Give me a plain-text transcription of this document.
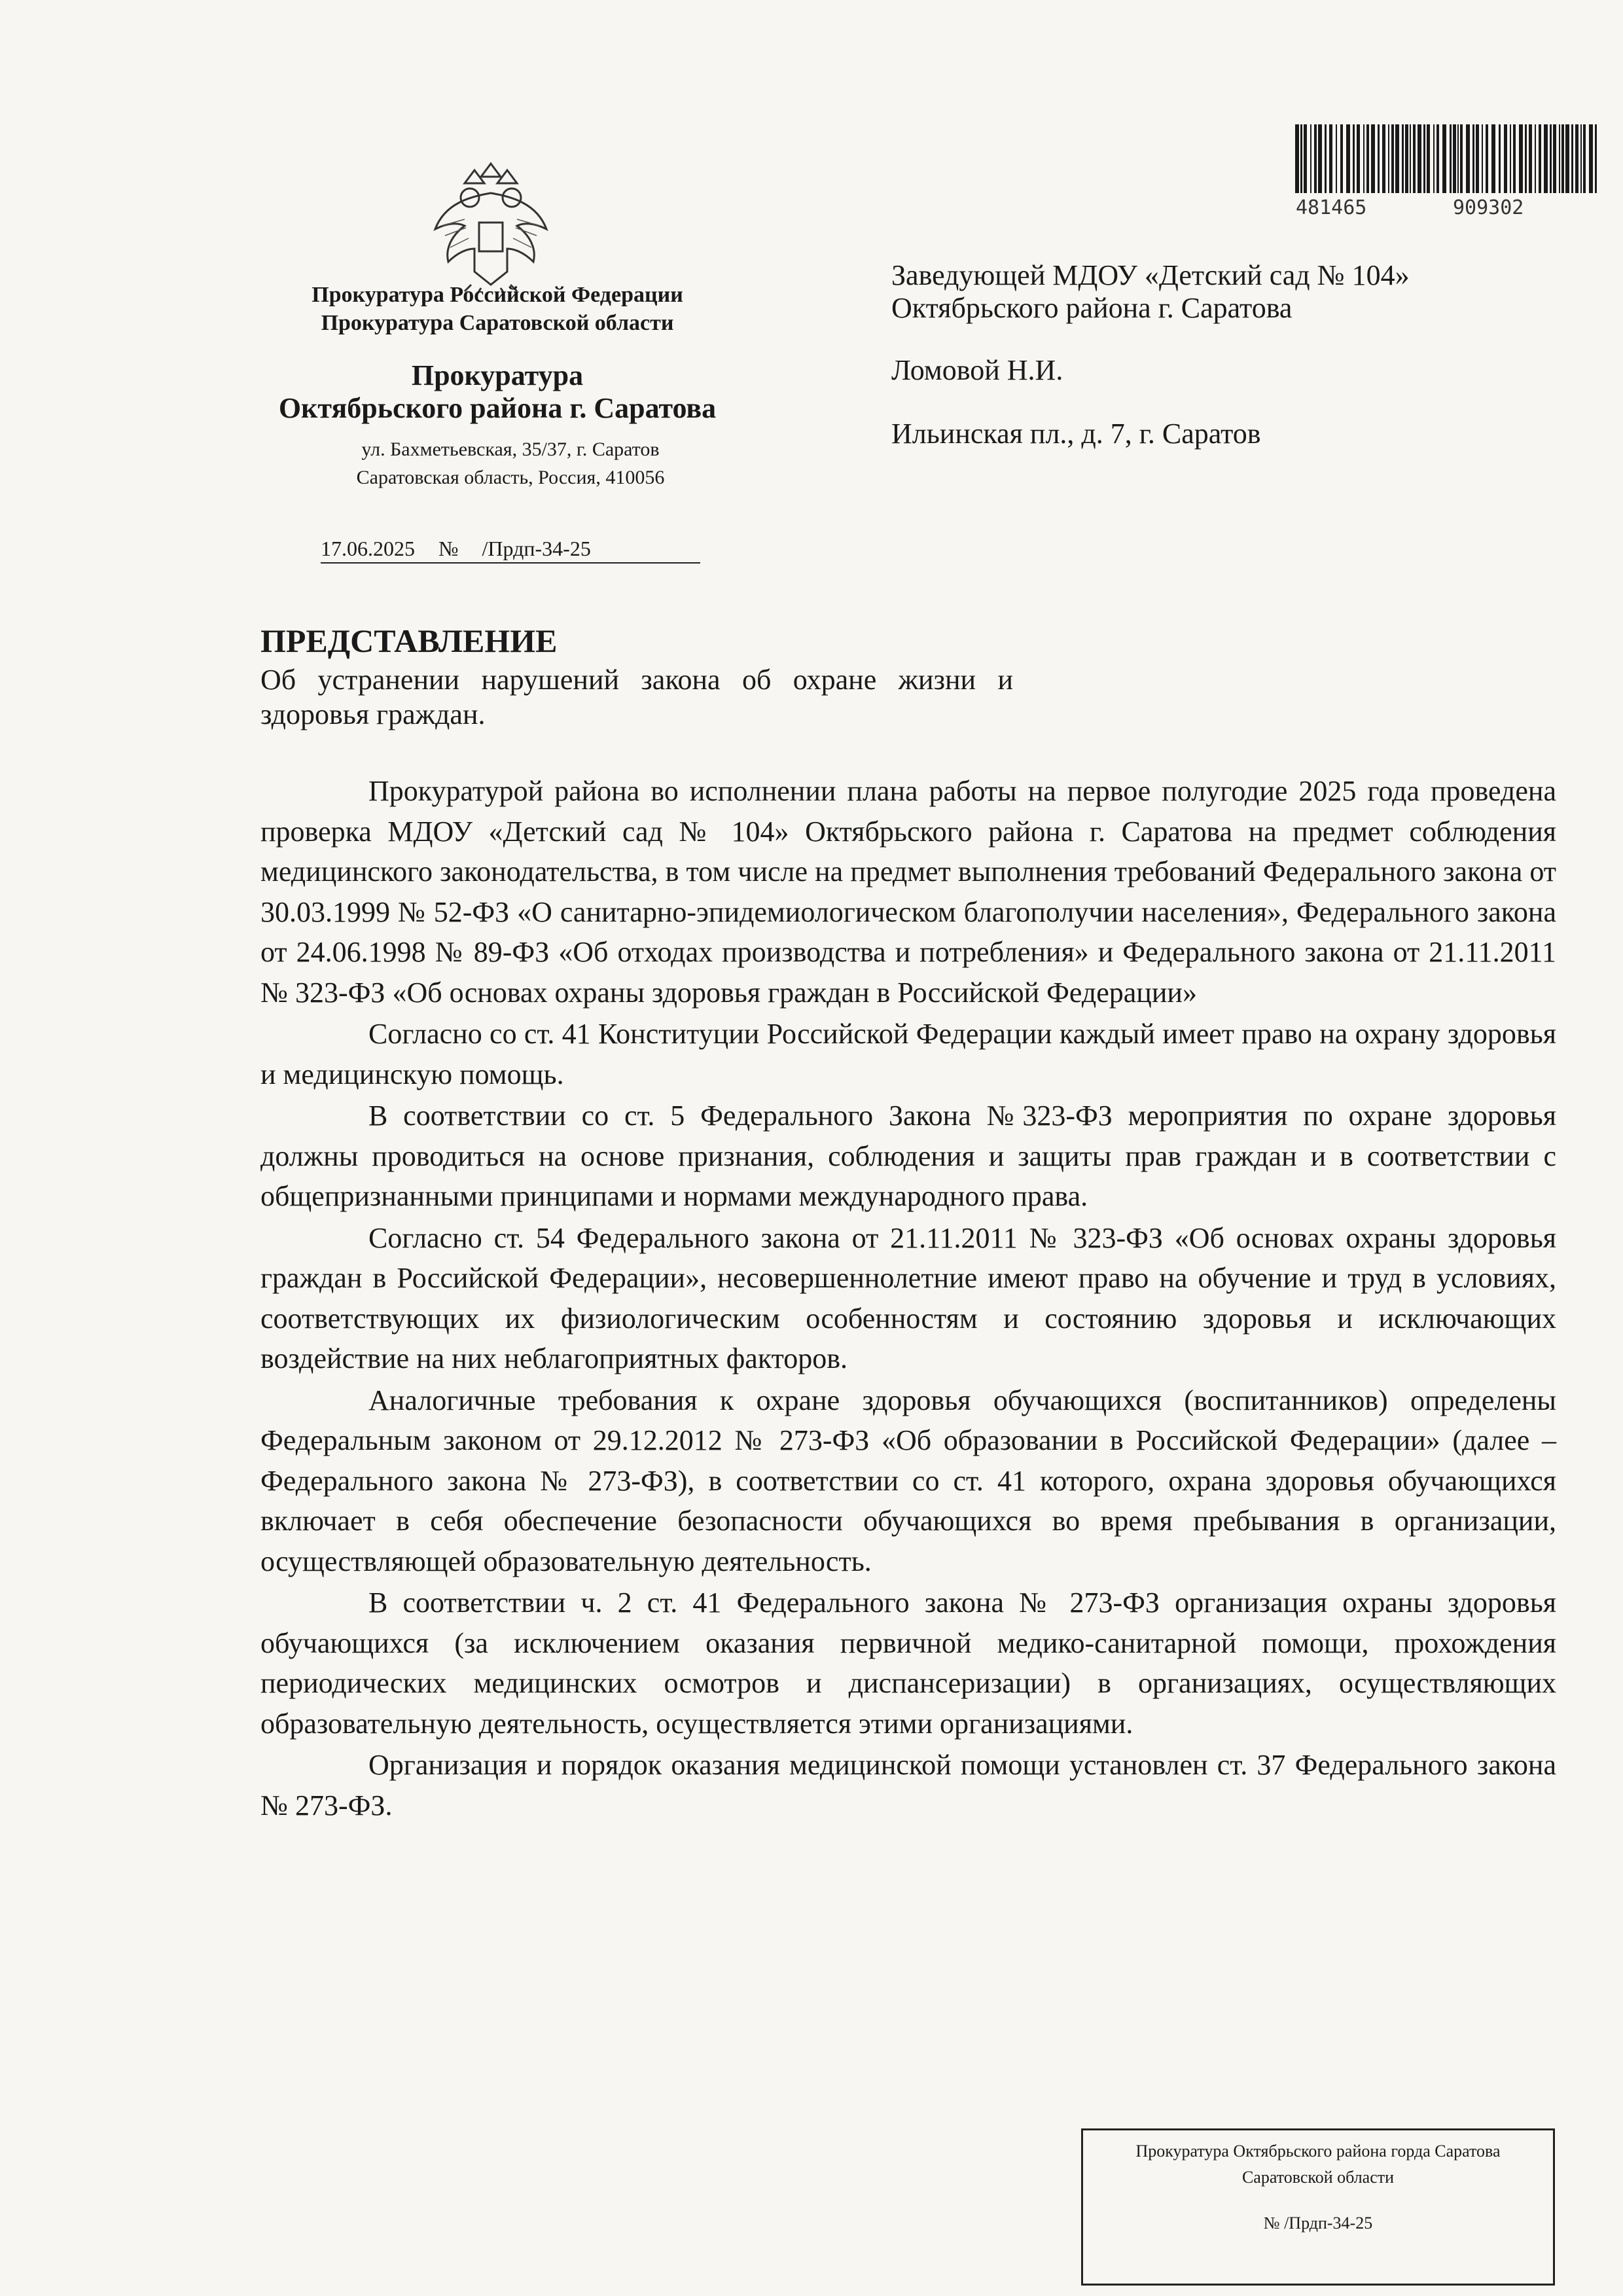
Прокуратура Российской Федерации
Прокуратура Саратовской области
Прокуратура
Октябрьского района г. Саратова
ул. Бахметьевская, 35/37, г. Саратов
Саратовская область, Россия, 410056
17.06.2025 № /Прдп-34-25
481465	909302
Заведующей МДОУ «Детский сад № 104»
Октябрьского района г. Саратова
Ломовой Н.И.
Ильинская пл., д. 7, г. Саратов
ПРЕДСТАВЛЕНИЕ
Об устранении нарушений закона об охране жизни и здоровья граждан.

Прокуратурой района во исполнении плана работы на первое полугодие 2025 года проведена проверка МДОУ «Детский сад № 104» Октябрьского района г. Саратова на предмет соблюдения медицинского законодательства, в том числе на предмет выполнения требований Федерального закона от 30.03.1999 № 52-ФЗ «О санитарно-эпидемиологическом благополучии населения», Федерального закона от 24.06.1998 № 89-ФЗ «Об отходах производства и потребления» и Федерального закона от 21.11.2011 № 323-ФЗ «Об основах охраны здоровья граждан в Российской Федерации»

Согласно со ст. 41 Конституции Российской Федерации каждый имеет право на охрану здоровья и медицинскую помощь.

В соответствии со ст. 5 Федерального Закона №323-ФЗ мероприятия по охране здоровья должны проводиться на основе признания, соблюдения и защиты прав граждан и в соответствии с общепризнанными принципами и нормами международного права.

Согласно ст. 54 Федерального закона от 21.11.2011 № 323-ФЗ «Об основах охраны здоровья граждан в Российской Федерации», несовершеннолетние имеют право на обучение и труд в условиях, соответствующих их физиологическим особенностям и состоянию здоровья и исключающих воздействие на них неблагоприятных факторов.

Аналогичные требования к охране здоровья обучающихся (воспитанников) определены Федеральным законом от 29.12.2012 № 273-ФЗ «Об образовании в Российской Федерации» (далее – Федерального закона № 273-ФЗ), в соответствии со ст. 41 которого, охрана здоровья обучающихся включает в себя обеспечение безопасности обучающихся во время пребывания в организации, осуществляющей образовательную деятельность.

В соответствии ч. 2 ст. 41 Федерального закона № 273-ФЗ организация охраны здоровья обучающихся (за исключением оказания первичной медико-санитарной помощи, прохождения периодических медицинских осмотров и диспансеризации) в организациях, осуществляющих образовательную деятельность, осуществляется этими организациями.

Организация и порядок оказания медицинской помощи установлен ст. 37 Федерального закона № 273-ФЗ.

Прокуратура Октябрьского района горда Саратова
Саратовской области
№ /Прдп-34-25
